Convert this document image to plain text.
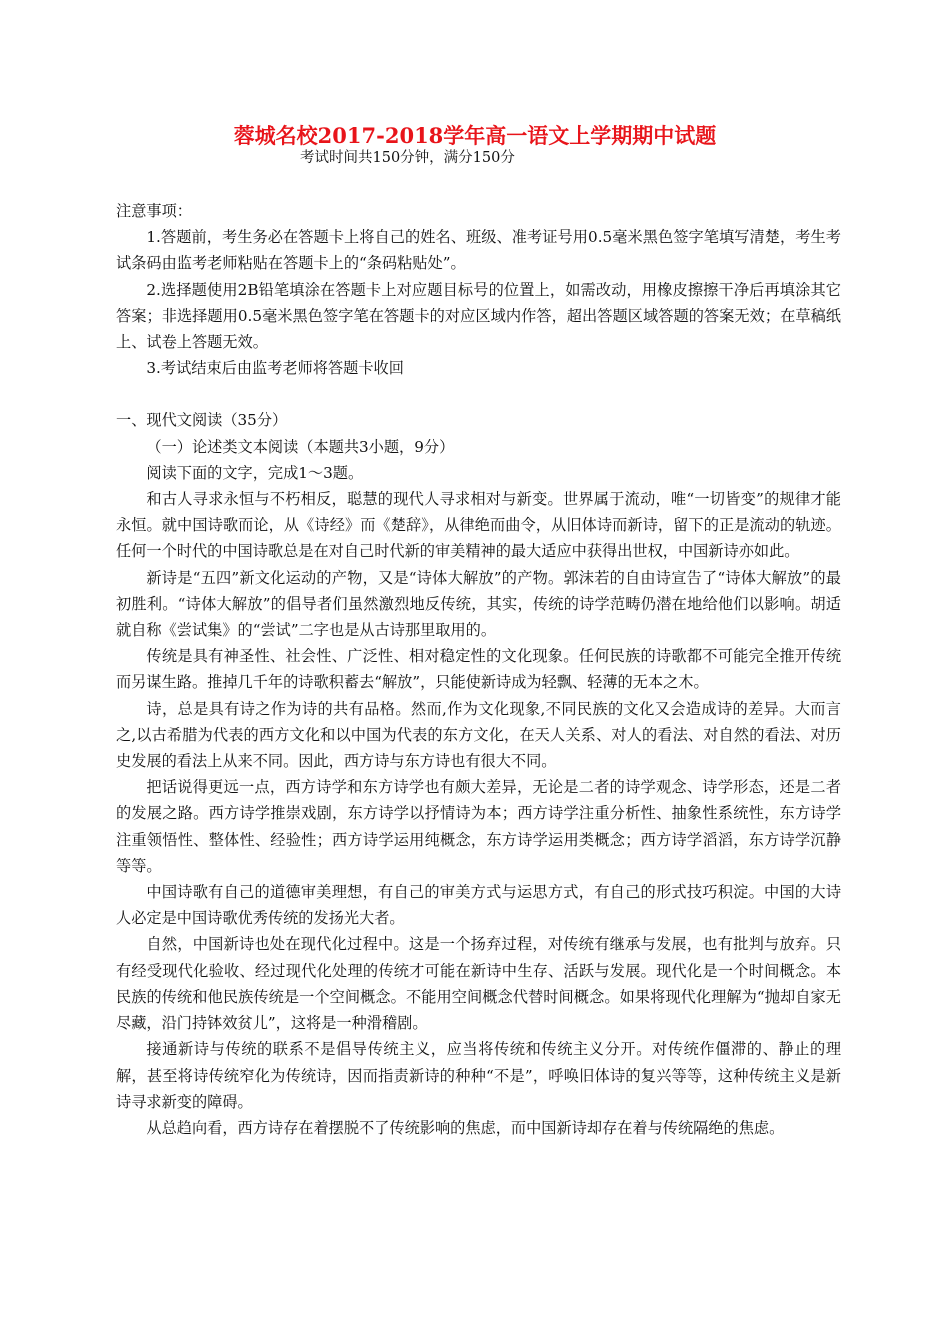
蓉城名校2017-2018学年高一语文上学期期中试题
考试时间共150分钟，满分150分

注意事项：

1.答题前，考生务必在答题卡上将自己的姓名、班级、准考证号用0.5毫米黑色签字笔填写清楚，考生考试条码由监考老师粘贴在答题卡上的“条码粘贴处”。

2.选择题使用2B铅笔填涂在答题卡上对应题目标号的位置上，如需改动，用橡皮擦擦干净后再填涂其它答案；非选择题用0.5毫米黑色签字笔在答题卡的对应区域内作答，超出答题区域答题的答案无效；在草稿纸上、试卷上答题无效。

3.考试结束后由监考老师将答题卡收回

一、现代文阅读（35分）

（一）论述类文本阅读（本题共3小题，9分）

阅读下面的文字，完成1～3题。

和古人寻求永恒与不朽相反，聪慧的现代人寻求相对与新变。世界属于流动，唯“一切皆变”的规律才能永恒。就中国诗歌而论，从《诗经》而《楚辞》，从律绝而曲令，从旧体诗而新诗，留下的正是流动的轨迹。任何一个时代的中国诗歌总是在对自己时代新的审美精神的最大适应中获得出世权，中国新诗亦如此。

新诗是“五四”新文化运动的产物，又是“诗体大解放”的产物。郭沫若的自由诗宣告了“诗体大解放”的最初胜利。“诗体大解放”的倡导者们虽然激烈地反传统，其实，传统的诗学范畴仍潜在地给他们以影响。胡适就自称《尝试集》的“尝试”二字也是从古诗那里取用的。

传统是具有神圣性、社会性、广泛性、相对稳定性的文化现象。任何民族的诗歌都不可能完全推开传统而另谋生路。推掉几千年的诗歌积蓄去“解放”，只能使新诗成为轻飘、轻薄的无本之木。

诗，总是具有诗之作为诗的共有品格。然而,作为文化现象,不同民族的文化又会造成诗的差异。大而言之,以古希腊为代表的西方文化和以中国为代表的东方文化，在天人关系、对人的看法、对自然的看法、对历史发展的看法上从来不同。因此，西方诗与东方诗也有很大不同。

把话说得更远一点，西方诗学和东方诗学也有颇大差异，无论是二者的诗学观念、诗学形态，还是二者的发展之路。西方诗学推崇戏剧，东方诗学以抒情诗为本；西方诗学注重分析性、抽象性系统性，东方诗学注重领悟性、整体性、经验性；西方诗学运用纯概念，东方诗学运用类概念；西方诗学滔滔，东方诗学沉静等等。

中国诗歌有自己的道德审美理想，有自己的审美方式与运思方式，有自己的形式技巧积淀。中国的大诗人必定是中国诗歌优秀传统的发扬光大者。

自然，中国新诗也处在现代化过程中。这是一个扬弃过程，对传统有继承与发展，也有批判与放弃。只有经受现代化验收、经过现代化处理的传统才可能在新诗中生存、活跃与发展。现代化是一个时间概念。本民族的传统和他民族传统是一个空间概念。不能用空间概念代替时间概念。如果将现代化理解为“抛却自家无尽藏，沿门持钵效贫儿”，这将是一种滑稽剧。

接通新诗与传统的联系不是倡导传统主义，应当将传统和传统主义分开。对传统作僵滞的、静止的理解，甚至将诗传统窄化为传统诗，因而指责新诗的种种“不是”，呼唤旧体诗的复兴等等，这种传统主义是新诗寻求新变的障碍。

从总趋向看，西方诗存在着摆脱不了传统影响的焦虑，而中国新诗却存在着与传统隔绝的焦虑。
